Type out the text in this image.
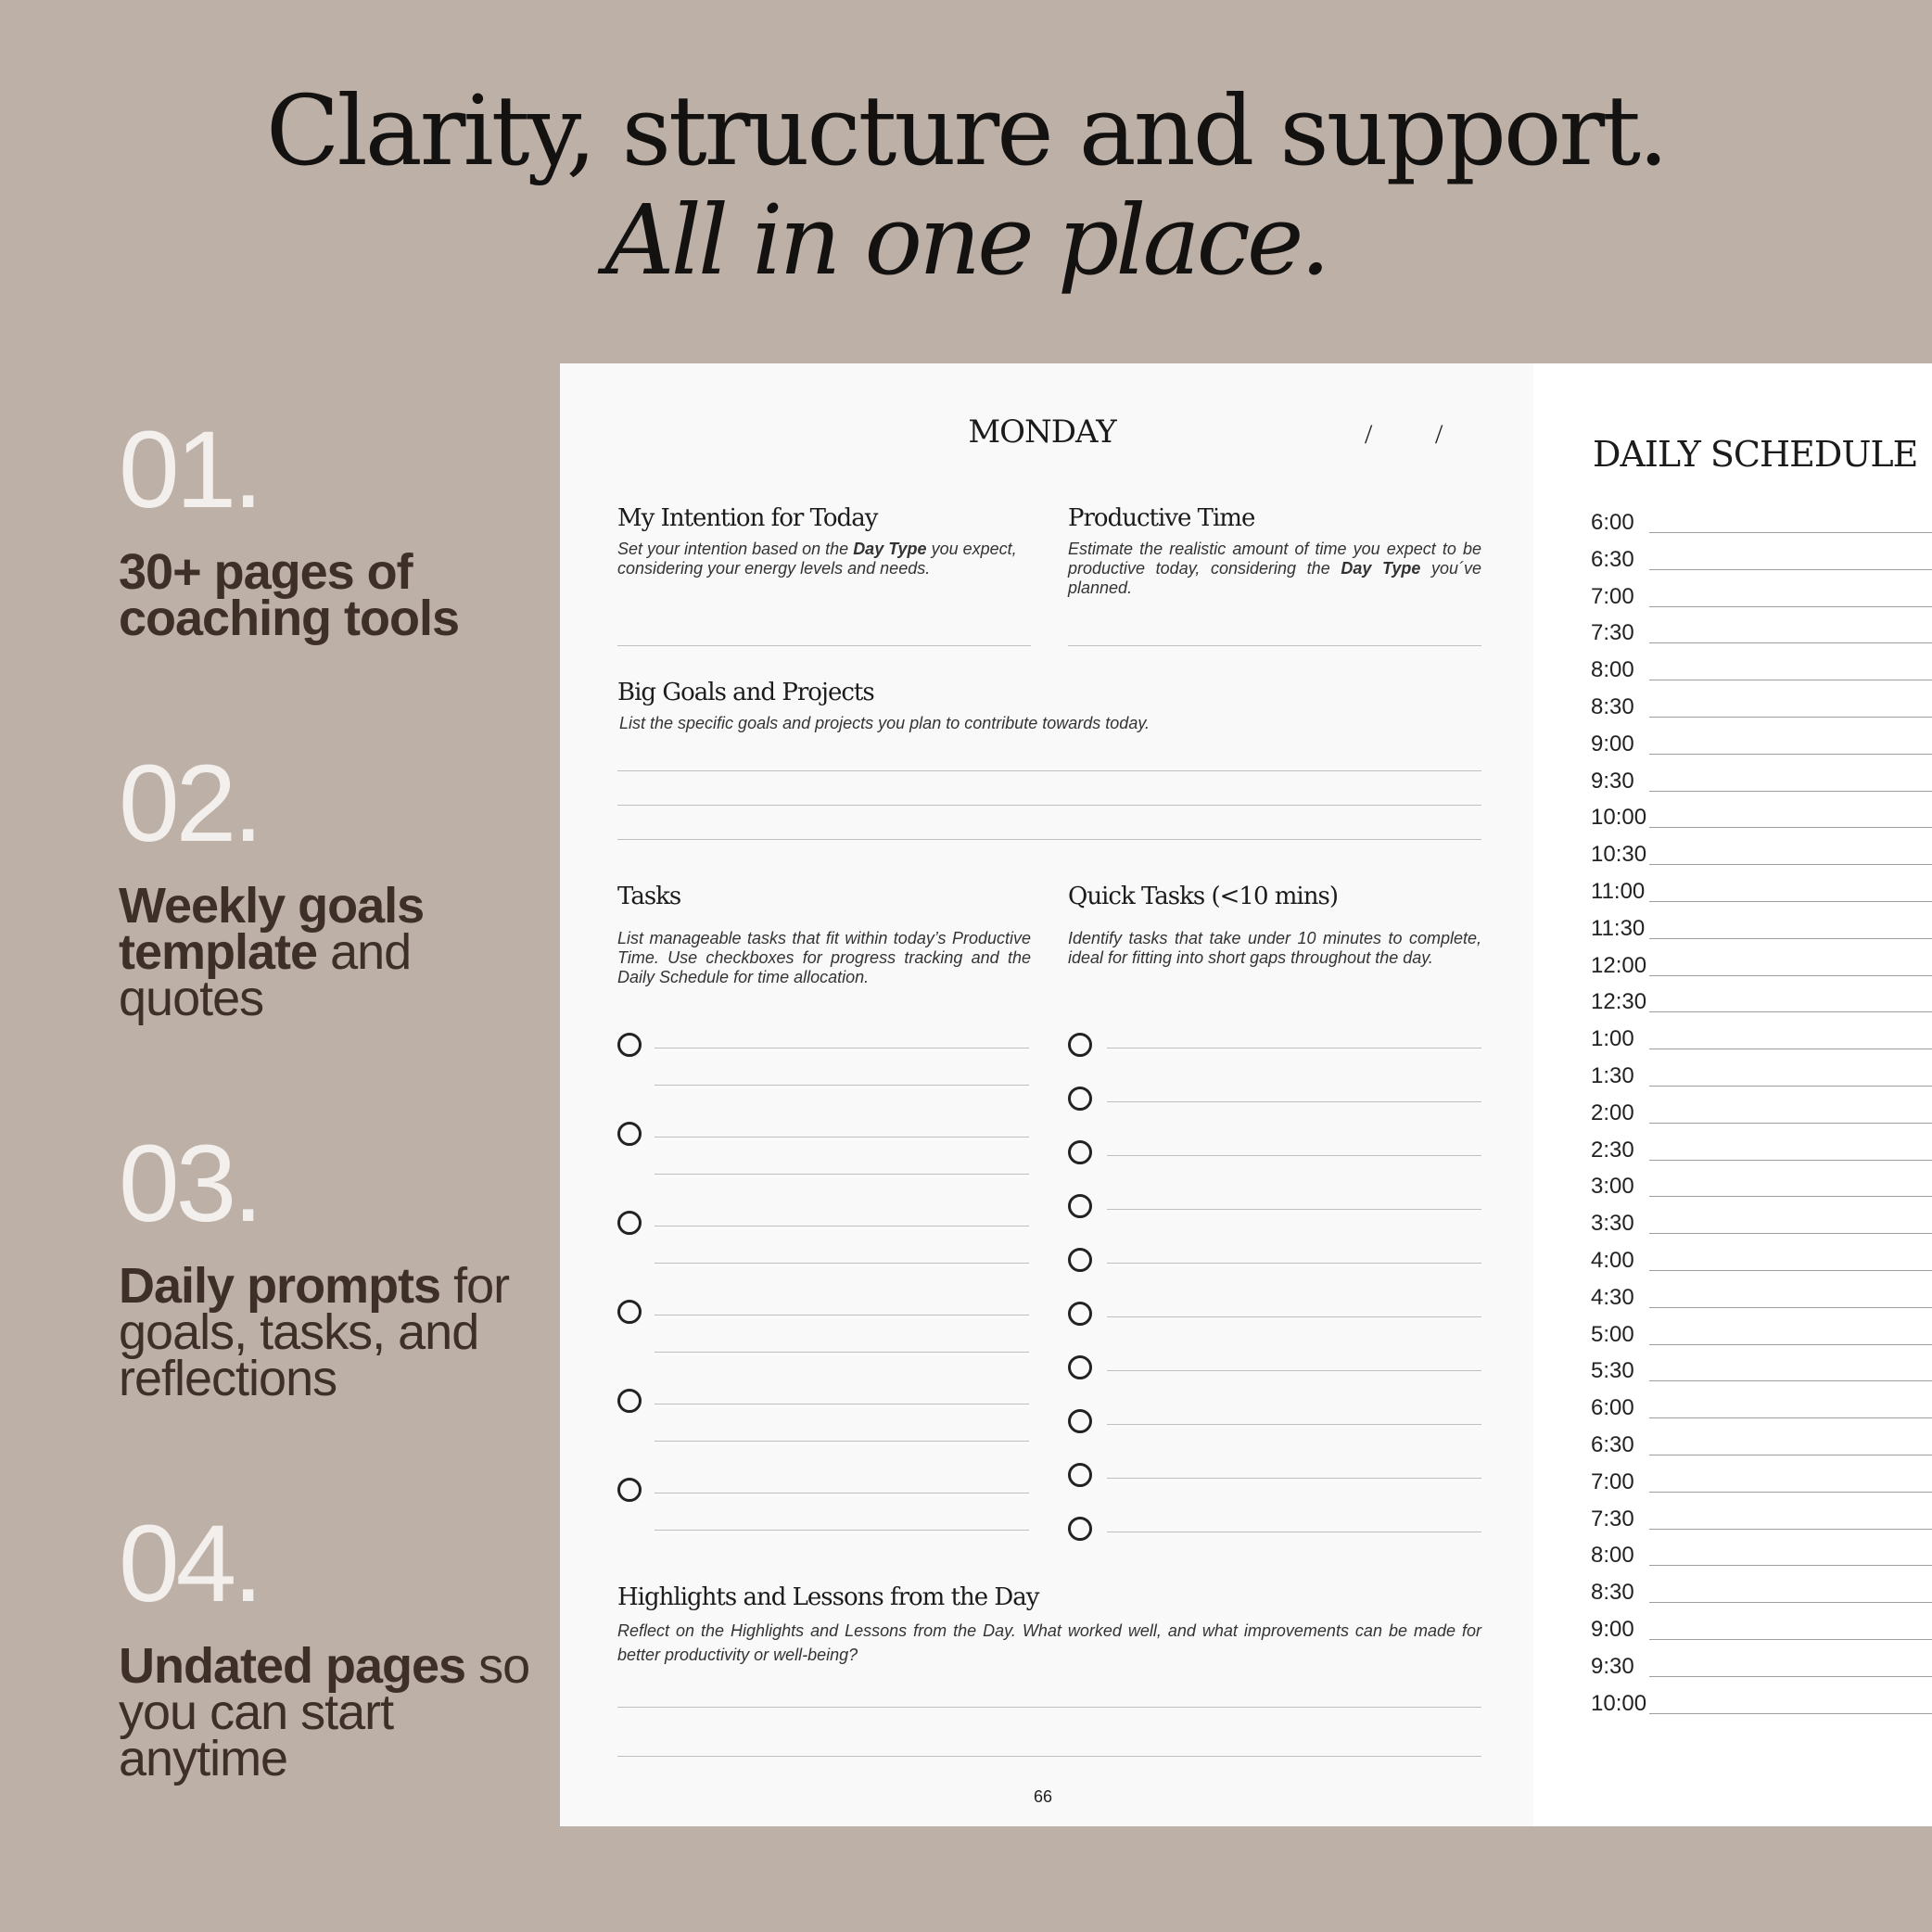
Clarity, structure and support.
All in one place.
01.
30+ pages of coaching tools
02.
Weekly goals template and quotes
03.
Daily prompts for goals, tasks, and reflections
04.
Undated pages so you can start anytime
MONDAY	/ /
My Intention for Today
Set your intention based on the Day Type you expect, considering your energy levels and needs.
Productive Time
Estimate the realistic amount of time you expect to be productive today, considering the Day Type you´ve planned.
Big Goals and Projects
List the specific goals and projects you plan to contribute towards today.
Tasks
List manageable tasks that fit within today’s Productive Time. Use checkboxes for progress tracking and the Daily Schedule for time allocation.
Quick Tasks (<10 mins)
Identify tasks that take under 10 minutes to complete, ideal for fitting into short gaps throughout the day.
Highlights and Lessons from the Day
Reflect on the Highlights and Lessons from the Day. What worked well, and what improvements can be made for better productivity or well-being?
66
DAILY SCHEDULE
6:00
6:30
7:00
7:30
8:00
8:30
9:00
9:30
10:00
10:30
11:00
11:30
12:00
12:30
1:00
1:30
2:00
2:30
3:00
3:30
4:00
4:30
5:00
5:30
6:00
6:30
7:00
7:30
8:00
8:30
9:00
9:30
10:00
